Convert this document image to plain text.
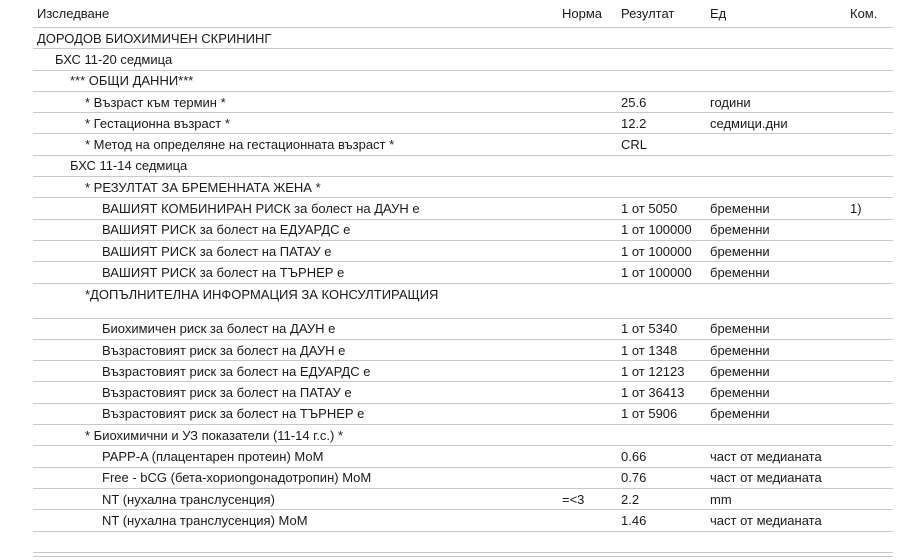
Изследване	Норма	Резултат	Ед	Ком.
ДОРОДОВ БИОХИМИЧЕН СКРИНИНГ				
БХС 11-20 седмица				
*** ОБЩИ ДАННИ***				
* Възраст към термин *		25.6	години	
* Гестационна възраст *		12.2	седмици.дни	
* Метод на определяне на гестационната възраст *		CRL		
БХС 11-14 седмица				
* РЕЗУЛТАТ ЗА БРЕМЕННАТА ЖЕНА *				
ВАШИЯТ КОМБИНИРАН РИСК за болест на ДАУН е		1 от 5050	бременни	1)
ВАШИЯТ РИСК за болест на ЕДУАРДС е		1 от 100000	бременни	
ВАШИЯТ РИСК за болест на ПАТАУ е		1 от 100000	бременни	
ВАШИЯТ РИСК за болест на ТЪРНЕР е		1 от 100000	бременни	
*ДОПЪЛНИТЕЛНА ИНФОРМАЦИЯ ЗА КОНСУЛТИРАЩИЯ				
Биохимичен риск за болест на ДАУН е		1 от 5340	бременни	
Възрастовият риск за болест на ДАУН е		1 от 1348	бременни	
Възрастовият риск за болест на ЕДУАРДС е		1 от 12123	бременни	
Възрастовият риск за болест на ПАТАУ е		1 от 36413	бременни	
Възрастовият риск за болест на ТЪРНЕР е		1 от 5906	бременни	
* Биохимични и УЗ показатели (11-14 г.с.) *				
PAPP-A (плацентарен протеин) МоМ		0.66	част от медианата	
Free - bCG (бета-хориongонадотропин) МоМ		0.76	част от медианата	
NT (нухална транслусенция)	=<3	2.2	mm	
NT (нухална транслусенция) МоМ		1.46	част от медианата	
